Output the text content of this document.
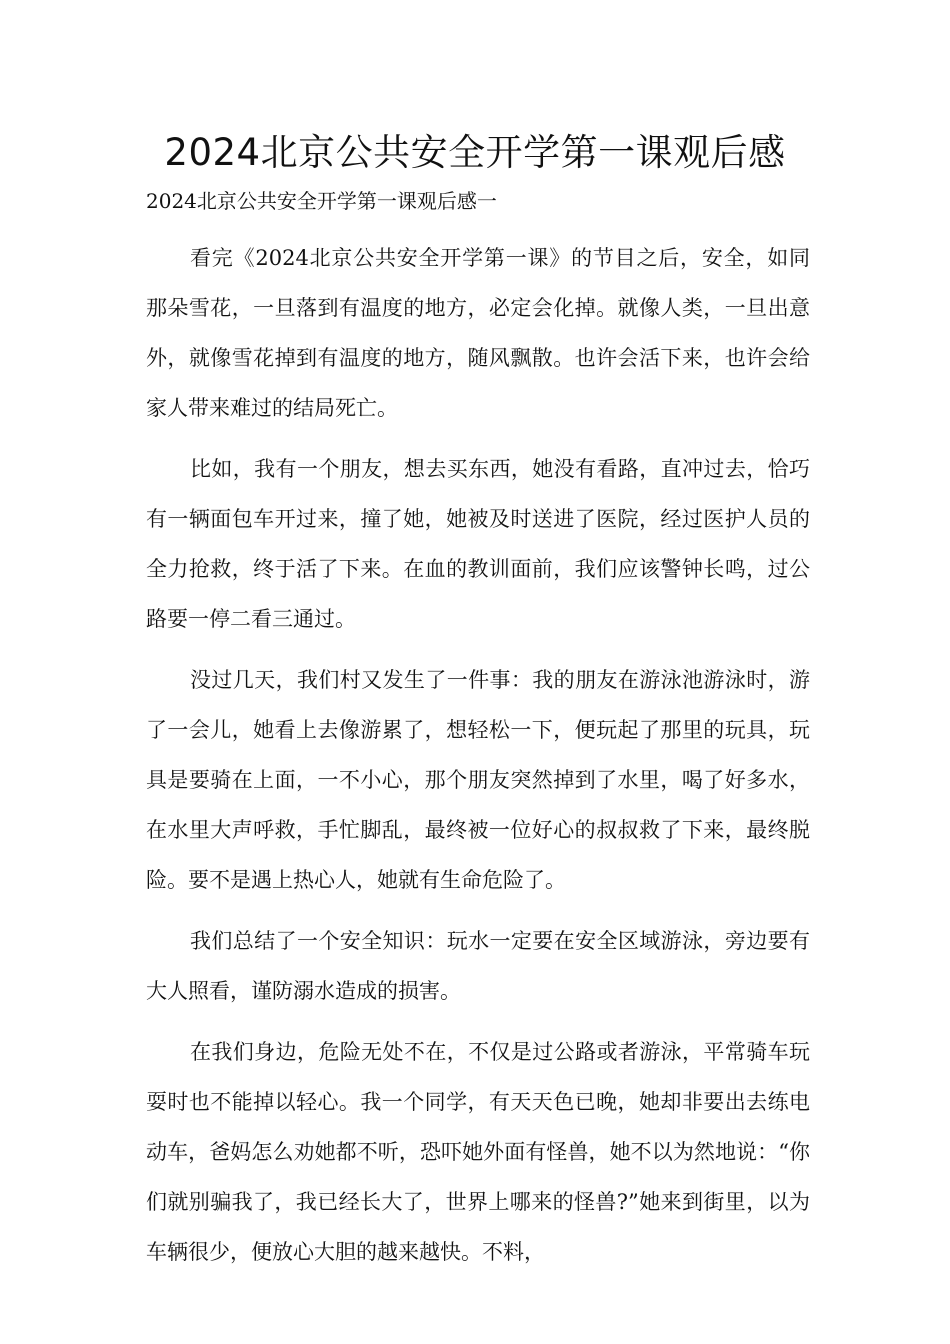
2024北京公共安全开学第一课观后感

2024北京公共安全开学第一课观后感一

看完《2024北京公共安全开学第一课》的节目之后，安全，如同那朵雪花，一旦落到有温度的地方，必定会化掉。就像人类，一旦出意外，就像雪花掉到有温度的地方，随风飘散。也许会活下来，也许会给家人带来难过的结局死亡。

比如，我有一个朋友，想去买东西，她没有看路，直冲过去，恰巧有一辆面包车开过来，撞了她，她被及时送进了医院，经过医护人员的全力抢救，终于活了下来。在血的教训面前，我们应该警钟长鸣，过公路要一停二看三通过。

没过几天，我们村又发生了一件事：我的朋友在游泳池游泳时，游了一会儿，她看上去像游累了，想轻松一下，便玩起了那里的玩具，玩具是要骑在上面，一不小心，那个朋友突然掉到了水里，喝了好多水，在水里大声呼救，手忙脚乱，最终被一位好心的叔叔救了下来，最终脱险。要不是遇上热心人，她就有生命危险了。

我们总结了一个安全知识：玩水一定要在安全区域游泳，旁边要有大人照看，谨防溺水造成的损害。

在我们身边，危险无处不在，不仅是过公路或者游泳，平常骑车玩耍时也不能掉以轻心。我一个同学，有天天色已晚，她却非要出去练电动车，爸妈怎么劝她都不听，恐吓她外面有怪兽，她不以为然地说：“你们就别骗我了，我已经长大了，世界上哪来的怪兽?”她来到街里，以为车辆很少，便放心大胆的越来越快。不料，
